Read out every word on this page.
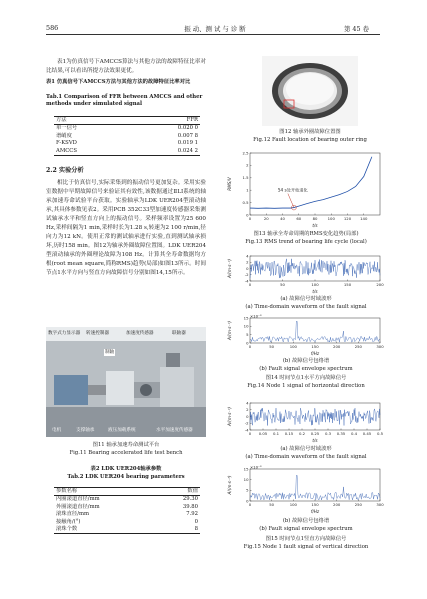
586	振 动、测 试 与 诊 断	第 45 卷

表1为仿真信号下AMCCS算法与其他方法的故障特征比率对比结果,可以看出所提方法效果更优。

表1 仿真信号下AMCCS方法与其他方法的故障特征比率对比
Tab.1 Comparison of FFR between AMCCS and other methods under simulated signal
方法	FFR
单一信号	0.020 0
谱峭度	0.007 8
F-KSVD	0.019 1
AMCCS	0.024 2
2.2 实验分析

相比于仿真信号,实际采集到的振动信号更加复杂。采用实验室数据中早期故障信号来验证其有效性,该数据通过ⅡLI系统的轴承加速寿命试验平台获取。实验轴承为LDK UER204型滚动轴承,其具体参数见表2。采用PCB 352C33型加速度传感器采集测试轴承水平和竖直方向上的振动信号。采样频率设置为25 600 Hz,采样间隔为1 min,采样时长为1.28 s,转速为2 100 r/min,径向力为12 kN。使用正常的测试轴承进行实验,直到测试轴承损坏,历时158 min。图12为轴承外圈故障位置图。LDK UER204型滚动轴承的外圈理论故障为108 Hz。计算其全寿命数据均方根(root mean square,简称RMS)趋势(局部)如图13所示。时间节点1水平方向与竖直方向故障信号分别如图14,15所示。

数字式力显示器 转速控制器	加速度传感器	联轴器
制轴
电机	支撑轴承	液压加载系统	水平加速度传感器
图11 轴承加速寿命测试平台
Fig.11 Bearing accelerated life test bench
表2 LDK UER204轴承参数
Tab.2 LDK UER204 bearing parameters
参数名称	数值
内圈滚道直径/mm	29.30
外圈滚道直径/mm	39.80
滚珠直径/mm	7.92
接触角/(°)	0
滚珠个数	8
图12 轴承外圈故障位置图
Fig.12 Fault location of bearing outer ring
0	20	40	60	80	100 120 140
0
0.5
1
1.5
2
2.5
t/s
RMS/V	54 s处开始退化
图13 轴承全寿命周期的RMS变化趋势(局部)
Fig.13 RMS trend of bearing life cycle (local)
0	50	100	150	200
-4
-2
0
2
4
t/s
A/(m·s⁻²)
(a) 故障信号时域波形
(a) Time-domain waveform of the fault signal
0	50	100	150	200	250	300
0
5
10
15
f/Hz
A/(m·s⁻²)
×10⁻³
(b) 故障信号包络谱
(b) Fault signal envelope spectrum
图14 时间节点1水平方向故障信号
Fig.14 Node 1 signal of horizontal direction
0 0.05 0.1 0.15 0.2 0.25 0.3 0.35 0.4 0.45 0.5
-4
-2
0
2
4
t/s
A/(m·s⁻²)
(a) 故障信号时域波形
(a) Time-domain waveform of the fault signal
0	50	100	150	200	250	300
0
5
10
15
f/Hz
A/(m·s⁻²)
×10⁻³
(b) 故障信号包络谱
(b) Fault signal envelope spectrum
图15 时间节点1竖直方向故障信号
Fig.15 Node 1 fault signal of vertical direction
